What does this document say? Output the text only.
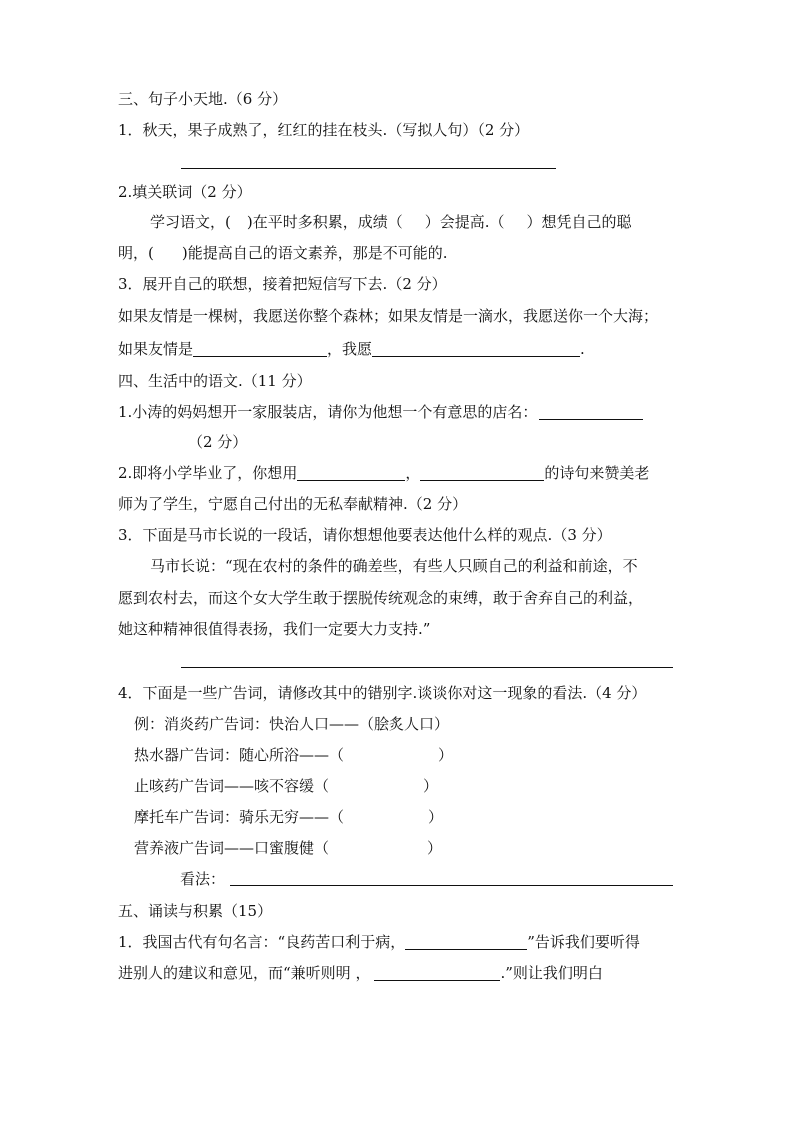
三、句子小天地.（6 分）
1．秋天，果子成熟了，红红的挂在枝头.（写拟人句）（2 分）
2.填关联词（2 分）
学习语文，( )在平时多积累，成绩（ ）会提高.（ ）想凭自己的聪
明，( )能提高自己的语文素养，那是不可能的.
3．展开自己的联想，接着把短信写下去.（2 分）
如果友情是一棵树，我愿送你整个森林；如果友情是一滴水，我愿送你一个大海；
如果友情是	，我愿	.
四、生活中的语文.（11 分）
1.小涛的妈妈想开一家服装店，请你为他想一个有意思的店名：
（2 分）
2.即将小学毕业了，你想用	，	的诗句来赞美老
师为了学生，宁愿自己付出的无私奉献精神.（2 分）
3．下面是马市长说的一段话，请你想想他要表达他什么样的观点.（3 分）
马市长说：“现在农村的条件的确差些，有些人只顾自己的利益和前途，不
愿到农村去，而这个女大学生敢于摆脱传统观念的束缚，敢于舍弃自己的利益，
她这种精神很值得表扬，我们一定要大力支持.”
4．下面是一些广告词，请修改其中的错别字.谈谈你对这一现象的看法.（4 分）
例：消炎药广告词：快治人口——（脍炙人口）
热水器广告词：随心所浴——（	）
止咳药广告词——咳不容缓（	）
摩托车广告词：骑乐无穷——（	）
营养液广告词——口蜜腹健（	）
看法：
五、诵读与积累（15）
1．我国古代有句名言：“良药苦口利于病，	”告诉我们要听得
进别人的建议和意见，而“兼听则明 ，	.”则让我们明白
